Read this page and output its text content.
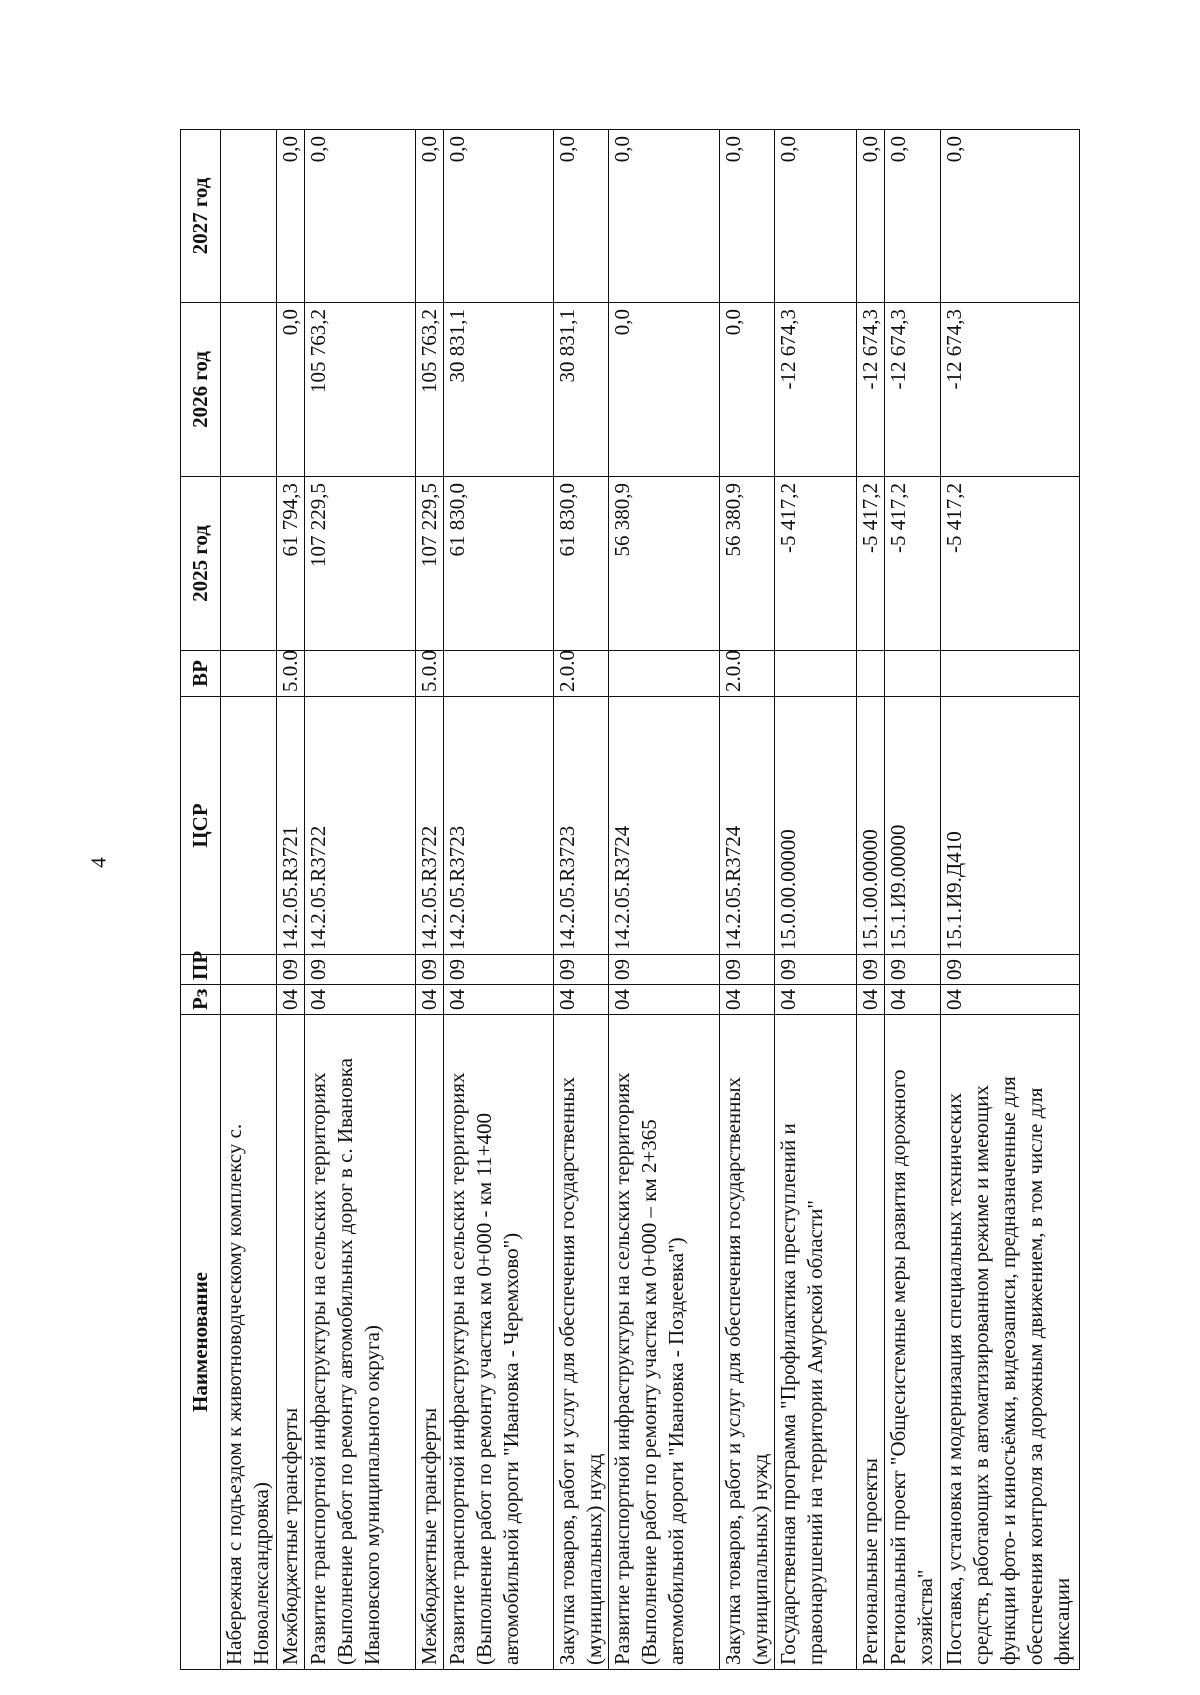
4
Наименование	Рз	ПР	ЦСР	ВР	2025 год	2026 год	2027 год
Набережная с подъездом к животноводческому комплексу с. Новоалександровка)							
Межбюджетные трансферты	04	09	14.2.05.R3721	5.0.0	61 794,3	0,0	0,0
Развитие транспортной инфраструктуры на сельских территориях (Выполнение работ по ремонту автомобильных дорог в с. Ивановка Ивановского муниципального округа)	04	09	14.2.05.R3722		107 229,5	105 763,2	0,0
Межбюджетные трансферты	04	09	14.2.05.R3722	5.0.0	107 229,5	105 763,2	0,0
Развитие транспортной инфраструктуры на сельских территориях (Выполнение работ по ремонту участка км 0+000 - км 11+400 автомобильной дороги "Ивановка - Черемхово")	04	09	14.2.05.R3723		61 830,0	30 831,1	0,0
Закупка товаров, работ и услуг для обеспечения государственных (муниципальных) нужд	04	09	14.2.05.R3723	2.0.0	61 830,0	30 831,1	0,0
Развитие транспортной инфраструктуры на сельских территориях (Выполнение работ по ремонту участка км 0+000 – км 2+365 автомобильной дороги "Ивановка - Поздеевка")	04	09	14.2.05.R3724		56 380,9	0,0	0,0
Закупка товаров, работ и услуг для обеспечения государственных (муниципальных) нужд	04	09	14.2.05.R3724	2.0.0	56 380,9	0,0	0,0
Государственная программа "Профилактика преступлений и правонарушений на территории Амурской области"	04	09	15.0.00.00000		-5 417,2	-12 674,3	0,0
Региональные проекты	04	09	15.1.00.00000		-5 417,2	-12 674,3	0,0
Региональный проект "Общесистемные меры развития дорожного хозяйства"	04	09	15.1.И9.00000		-5 417,2	-12 674,3	0,0
Поставка, установка и модернизация специальных технических средств, работающих в автоматизированном режиме и имеющих функции фото- и киносъёмки, видеозаписи, предназначенные для обеспечения контроля за дорожным движением, в том числе для фиксации	04	09	15.1.И9.Д410		-5 417,2	-12 674,3	0,0
